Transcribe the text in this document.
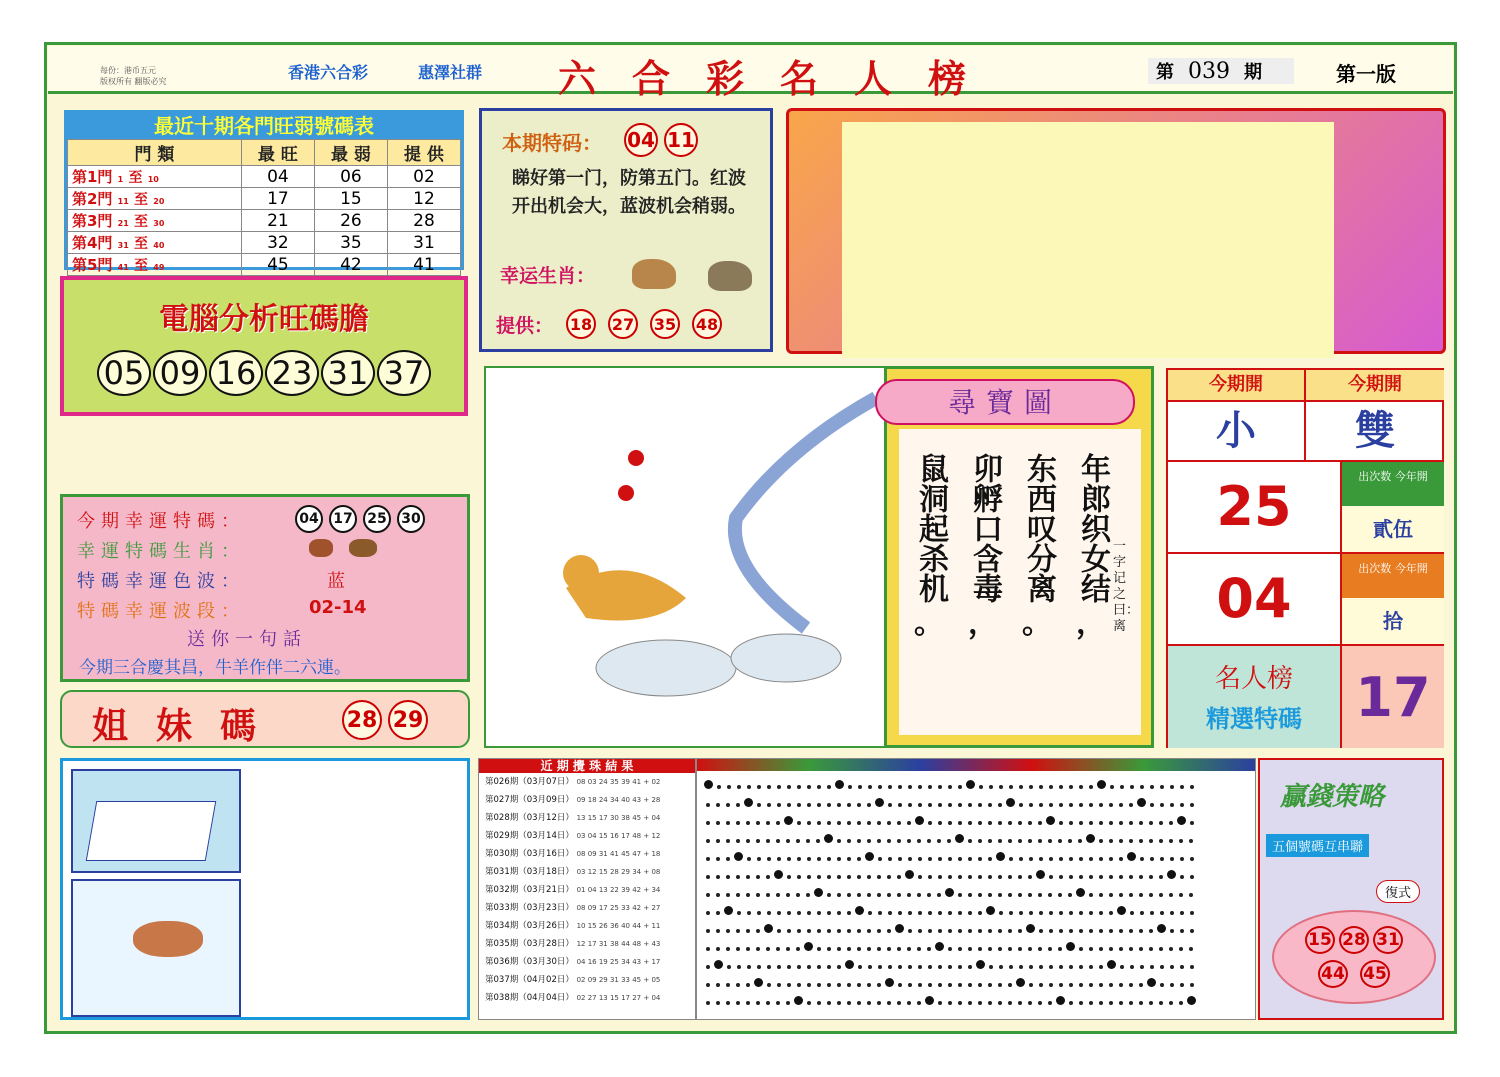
每份：港币五元
版权所有 翻版必究	香港六合彩	惠澤社群 六合彩名人榜	第 039 期	第一版
最近十期各門旺弱號碼表
門 類	最 旺	最 弱	提 供
第1門 1 至 10	04	06	02
第2門 11 至 20	17	15	12
第3門 21 至 30	21	26	28
第4門 31 至 40	32	35	31
第5門 41 至 49	45	42	41
本期特码： 04 11
睇好第一门，防第五门。红波开出机会大，蓝波机会稍弱。
幸运生肖：
提供： 18 27 35 48
電腦分析旺碼膽
05 09 16 23 31 37
今期幸運特碼：	04	17	25	30
幸運特碼生肖：
特碼幸運色波：	蓝
特碼幸運波段：	02-14
送你一句話
今期三合慶其昌，牛羊作伴二六連。
姐妹碼	28 29
尋寶圖
年郎织女结
，
东西叹分离
。
卯孵口含毒
，
鼠洞起杀机
。
一字记之曰：离
今期開	今期開
小	雙
25	出次数 今年開
貳伍
04	出次数 今年開
拾
名人榜
精選特碼 17
近 期 攪 珠 結 果
第026期（03月07日） 08 03 24 35 39 41 + 02
第027期（03月09日） 09 18 24 34 40 43 + 28
第028期（03月12日） 13 15 17 30 38 45 + 04
第029期（03月14日） 03 04 15 16 17 48 + 12
第030期（03月16日） 08 09 31 41 45 47 + 18
第031期（03月18日） 03 12 15 28 29 34 + 08
第032期（03月21日） 01 04 13 22 39 42 + 34
第033期（03月23日） 08 09 17 25 33 42 + 27
第034期（03月26日） 10 15 26 36 40 44 + 11
第035期（03月28日） 12 17 31 38 44 48 + 43
第036期（03月30日） 04 16 19 25 34 43 + 17
第037期（04月02日） 02 09 29 31 33 45 + 05
第038期（04月04日） 02 27 13 15 17 27 + 04
贏錢策略
五個號碼互串聯
復式
15 28 31
44 45
